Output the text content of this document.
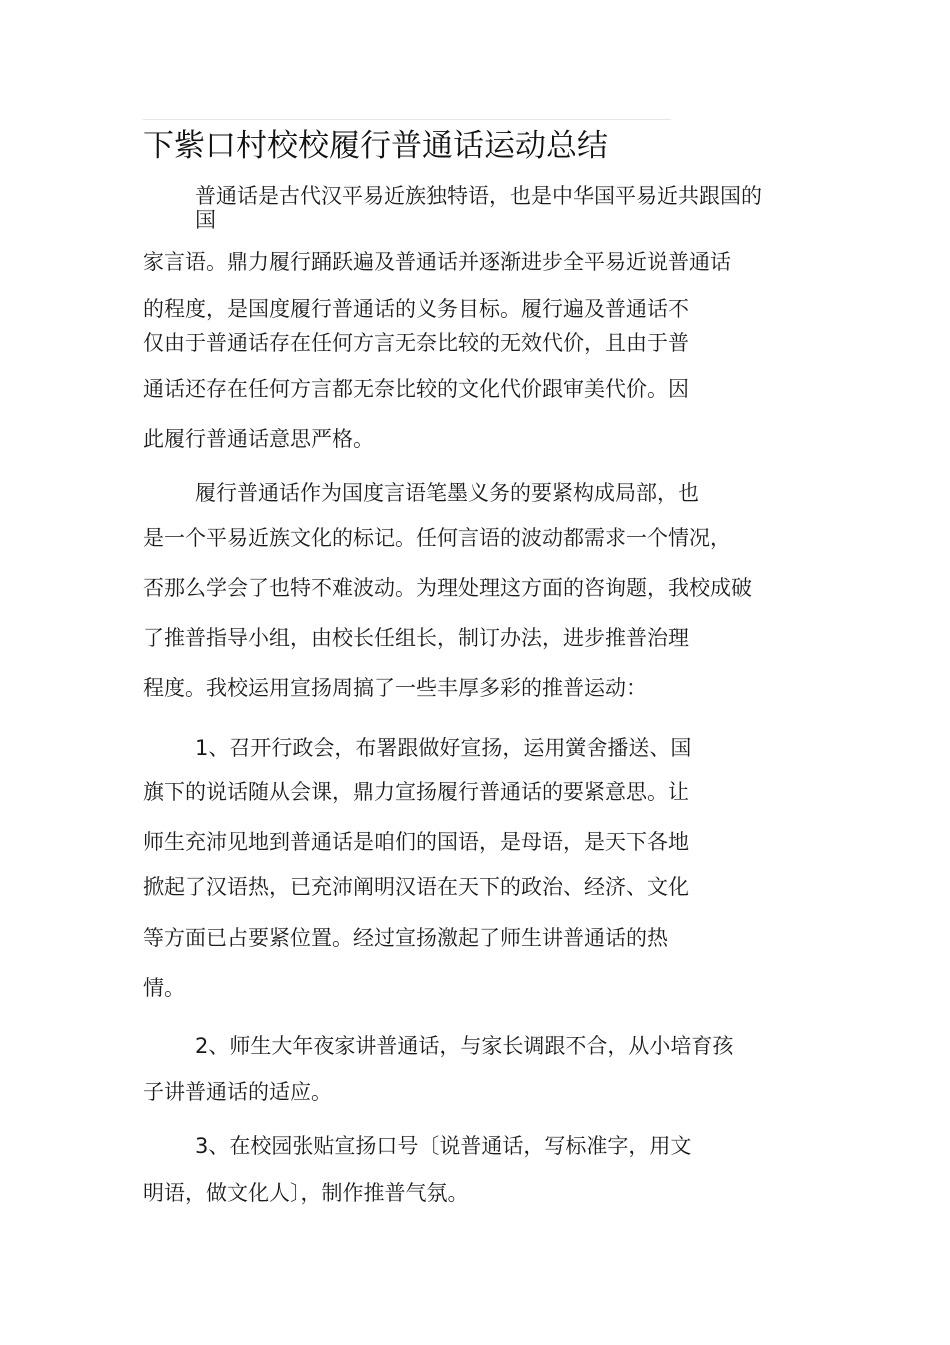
下紫口村校校履行普通话运动总结
普通话是古代汉平易近族独特语，也是中华国平易近共跟国的
国
家言语。鼎力履行踊跃遍及普通话并逐渐进步全平易近说普通话
的程度，是国度履行普通话的义务目标。履行遍及普通话不
仅由于普通话存在任何方言无奈比较的无效代价，且由于普
通话还存在任何方言都无奈比较的文化代价跟审美代价。因
此履行普通话意思严格。
履行普通话作为国度言语笔墨义务的要紧构成局部，也
是一个平易近族文化的标记。任何言语的波动都需求一个情况，
否那么学会了也特不难波动。为理处理这方面的咨询题，我校成破
了推普指导小组，由校长任组长，制订办法，进步推普治理
程度。我校运用宣扬周搞了一些丰厚多彩的推普运动：
1、召开行政会，布署跟做好宣扬，运用黉舍播送、国
旗下的说话随从会课，鼎力宣扬履行普通话的要紧意思。让
师生充沛见地到普通话是咱们的国语，是母语，是天下各地
掀起了汉语热，已充沛阐明汉语在天下的政治、经济、文化
等方面已占要紧位置。经过宣扬激起了师生讲普通话的热
情。
2、师生大年夜家讲普通话，与家长调跟不合，从小培育孩
子讲普通话的适应。
3、在校园张贴宣扬口号〔说普通话，写标准字，用文
明语，做文化人〕，制作推普气氛。
